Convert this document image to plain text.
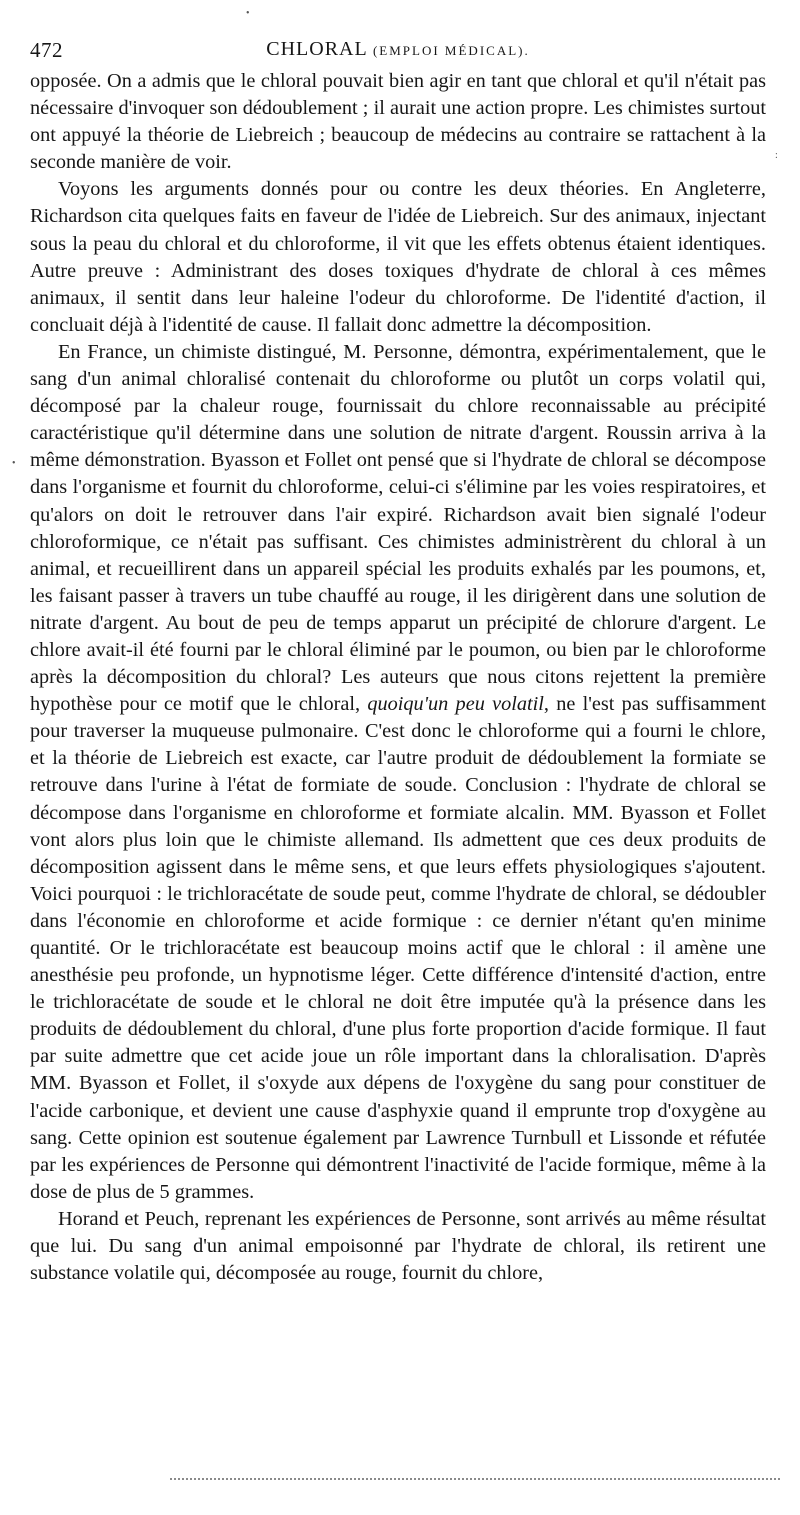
472	CHLORAL (EMPLOI MÉDICAL).

opposée. On a admis que le chloral pouvait bien agir en tant que chloral et qu'il n'était pas nécessaire d'invoquer son dédoublement ; il aurait une action propre. Les chimistes surtout ont appuyé la théorie de Liebreich ; beaucoup de médecins au contraire se rattachent à la seconde manière de voir.

Voyons les arguments donnés pour ou contre les deux théories. En Angleterre, Richardson cita quelques faits en faveur de l'idée de Liebreich. Sur des animaux, injectant sous la peau du chloral et du chloroforme, il vit que les effets obtenus étaient identiques. Autre preuve : Administrant des doses toxiques d'hydrate de chloral à ces mêmes animaux, il sentit dans leur haleine l'odeur du chloroforme. De l'identité d'action, il concluait déjà à l'identité de cause. Il fallait donc admettre la décomposition.

En France, un chimiste distingué, M. Personne, démontra, expérimentalement, que le sang d'un animal chloralisé contenait du chloroforme ou plutôt un corps volatil qui, décomposé par la chaleur rouge, fournissait du chlore reconnaissable au précipité caractéristique qu'il détermine dans une solution de nitrate d'argent. Roussin arriva à la même démonstration. Byasson et Follet ont pensé que si l'hydrate de chloral se décompose dans l'organisme et fournit du chloroforme, celui-ci s'élimine par les voies respiratoires, et qu'alors on doit le retrouver dans l'air expiré. Richardson avait bien signalé l'odeur chloroformique, ce n'était pas suffisant. Ces chimistes administrèrent du chloral à un animal, et recueillirent dans un appareil spécial les produits exhalés par les poumons, et, les faisant passer à travers un tube chauffé au rouge, il les dirigèrent dans une solution de nitrate d'argent. Au bout de peu de temps apparut un précipité de chlorure d'argent. Le chlore avait-il été fourni par le chloral éliminé par le poumon, ou bien par le chloroforme après la décomposition du chloral? Les auteurs que nous citons rejettent la première hypothèse pour ce motif que le chloral, quoiqu'un peu volatil, ne l'est pas suffisamment pour traverser la muqueuse pulmonaire. C'est donc le chloroforme qui a fourni le chlore, et la théorie de Liebreich est exacte, car l'autre produit de dédoublement la formiate se retrouve dans l'urine à l'état de formiate de soude. Conclusion : l'hydrate de chloral se décompose dans l'organisme en chloroforme et formiate alcalin. MM. Byasson et Follet vont alors plus loin que le chimiste allemand. Ils admettent que ces deux produits de décomposition agissent dans le même sens, et que leurs effets physiologiques s'ajoutent. Voici pourquoi : le trichloracétate de soude peut, comme l'hydrate de chloral, se dédoubler dans l'économie en chloroforme et acide formique : ce dernier n'étant qu'en minime quantité. Or le trichloracétate est beaucoup moins actif que le chloral : il amène une anesthésie peu profonde, un hypnotisme léger. Cette différence d'intensité d'action, entre le trichloracétate de soude et le chloral ne doit être imputée qu'à la présence dans les produits de dédoublement du chloral, d'une plus forte proportion d'acide formique. Il faut par suite admettre que cet acide joue un rôle important dans la chloralisation. D'après MM. Byasson et Follet, il s'oxyde aux dépens de l'oxygène du sang pour constituer de l'acide carbonique, et devient une cause d'asphyxie quand il emprunte trop d'oxygène au sang. Cette opinion est soutenue également par Lawrence Turnbull et Lissonde et réfutée par les expériences de Personne qui démontrent l'inactivité de l'acide formique, même à la dose de plus de 5 grammes.

Horand et Peuch, reprenant les expériences de Personne, sont arrivés au même résultat que lui. Du sang d'un animal empoisonné par l'hydrate de chloral, ils retirent une substance volatile qui, décomposée au rouge, fournit du chlore,

•
:
•
